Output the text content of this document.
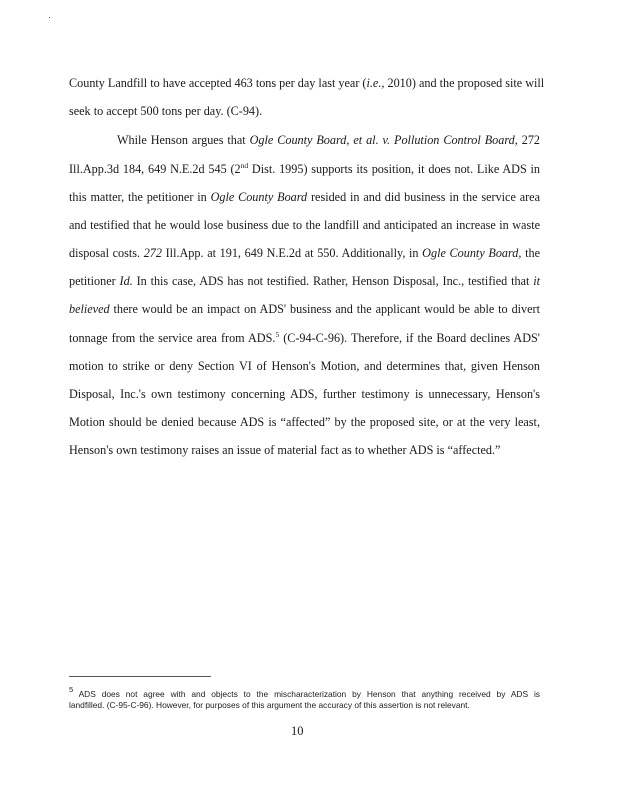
County Landfill to have accepted 463 tons per day last year (i.e., 2010) and the proposed site will
seek to accept 500 tons per day. (C-94).
While Henson argues that Ogle County Board, et al. v. Pollution Control Board, 272
Ill.App.3d 184, 649 N.E.2d 545 (2nd Dist. 1995) supports its position, it does not. Like ADS in
this matter, the petitioner in Ogle County Board resided in and did business in the service area
and testified that he would lose business due to the landfill and anticipated an increase in waste
disposal costs. 272 Ill.App. at 191, 649 N.E.2d at 550. Additionally, in Ogle County Board, the
petitioner Id. In this case, ADS has not testified. Rather, Henson Disposal, Inc., testified that it
believed there would be an impact on ADS' business and the applicant would be able to divert
tonnage from the service area from ADS.$^5$ (C-94-C-96). Therefore, if the Board declines ADS'
motion to strike or deny Section VI of Henson's Motion, and determines that, given Henson
Disposal, Inc.'s own testimony concerning ADS, further testimony is unnecessary, Henson's
Motion should be denied because ADS is “affected” by the proposed site, or at the very least,
Henson's own testimony raises an issue of material fact as to whether ADS is “affected.”
$^5$ ADS does not agree with and objects to the mischaracterization by Henson that anything received by ADS is
landfilled. (C-95-C-96). However, for purposes of this argument the accuracy of this assertion is not relevant.
10
